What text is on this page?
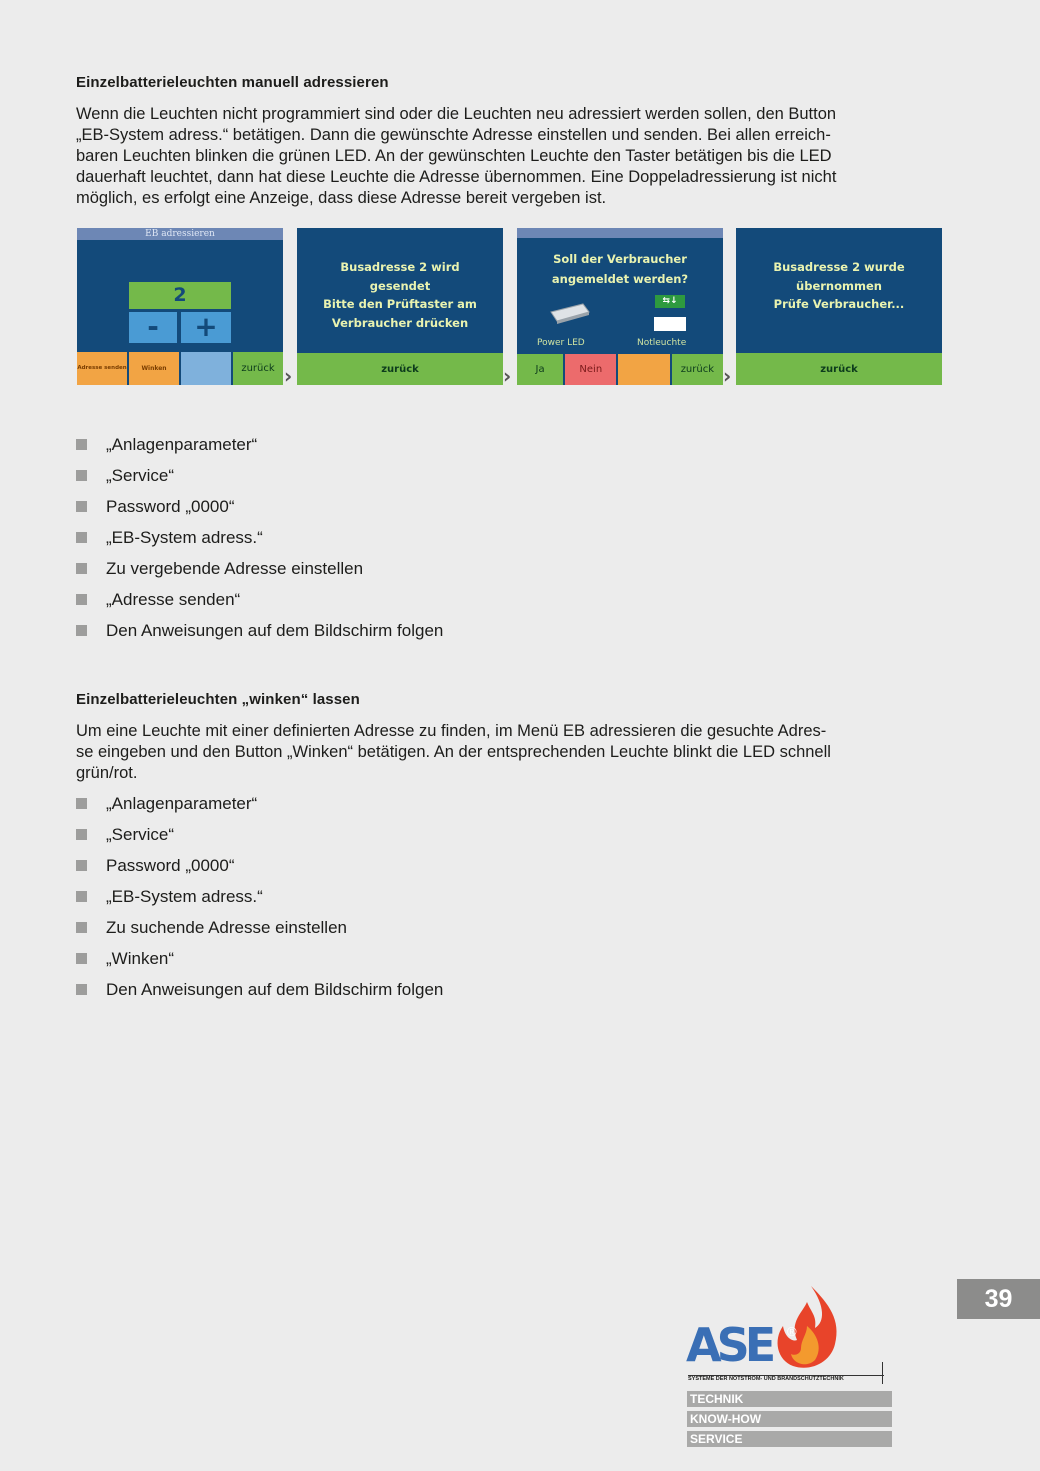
Einzelbatterieleuchten manuell adressieren
Wenn die Leuchten nicht programmiert sind oder die Leuchten neu adressiert werden sollen, den Button
„EB-System adress.“ betätigen. Dann die gewünschte Adresse einstellen und senden. Bei allen erreich-
baren Leuchten blinken die grünen LED. An der gewünschten Leuchte den Taster betätigen bis die LED
dauerhaft leuchtet, dann hat diese Leuchte die Adresse übernommen. Eine Doppeladressierung ist nicht
möglich, es erfolgt eine Anzeige, dass diese Adresse bereit vergeben ist.
EB adressieren
2
-	+
Adresse senden	Winken	zurück ›
Busadresse 2 wird
gesendet
Bitte den Prüftaster am
Verbraucher drücken
zurück	›
Soll der Verbraucher
angemeldet werden?
⇆↓
Power LED	Notleuchte
Ja	Nein	zurück ›
Busadresse 2 wurde
übernommen
Prüfe Verbraucher...
zurück
„Anlagenparameter“
„Service“
Password „0000“
„EB-System adress.“
Zu vergebende Adresse einstellen
„Adresse senden“
Den Anweisungen auf dem Bildschirm folgen
Einzelbatterieleuchten „winken“ lassen
Um eine Leuchte mit einer definierten Adresse zu finden, im Menü EB adressieren die gesuchte Adres-
se eingeben und den Button „Winken“ betätigen. An der entsprechenden Leuchte blinkt die LED schnell
grün/rot.
„Anlagenparameter“
„Service“
Password „0000“
„EB-System adress.“
Zu suchende Adresse einstellen
„Winken“
Den Anweisungen auf dem Bildschirm folgen
39
ASE ®
SYSTEME DER NOTSTROM- UND BRANDSCHUTZTECHNIK
TECHNIK
KNOW-HOW
SERVICE
